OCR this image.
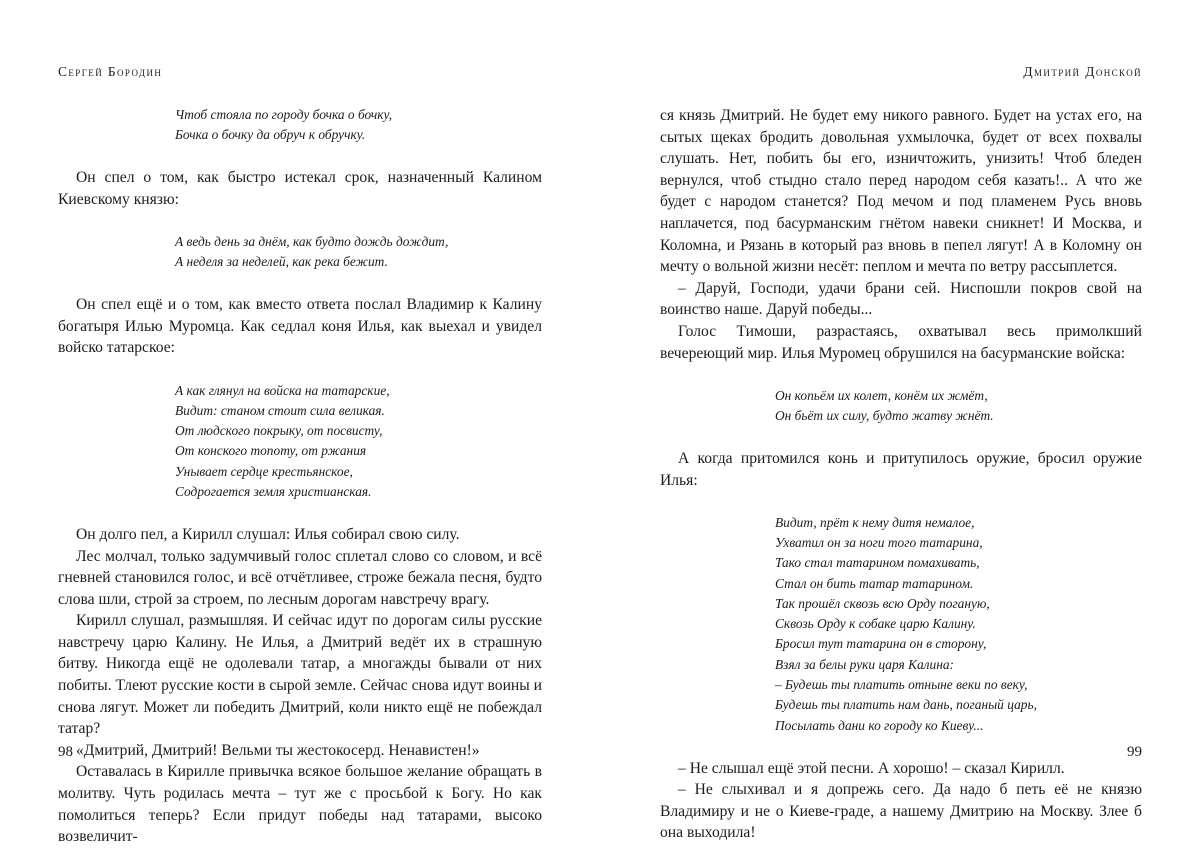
Сергей Бородин
Чтоб стояла по городу бочка о бочку,
Бочка о бочку да обруч к обручку.

Он спел о том, как быстро истекал срок, назначенный Калином Киевскому князю:

А ведь день за днём, как будто дождь дождит,
А неделя за неделей, как река бежит.

Он спел ещё и о том, как вместо ответа послал Владимир к Калину богатыря Илью Муромца. Как седлал коня Илья, как выехал и увидел войско татарское:

А как глянул на войска на татарские,
Видит: станом стоит сила великая.
От людского покрыку, от посвисту,
От конского топоту, от ржания
Унывает сердце крестьянское,
Содрогается земля христианская.

Он долго пел, а Кирилл слушал: Илья собирал свою силу.

Лес молчал, только задумчивый голос сплетал слово со словом, и всё гневней становился голос, и всё отчётливее, строже бежала песня, будто слова шли, строй за строем, по лесным дорогам навстречу врагу.

Кирилл слушал, размышляя. И сейчас идут по дорогам силы русские навстречу царю Калину. Не Илья, а Дмитрий ведёт их в страшную битву. Никогда ещё не одолевали татар, а многажды бывали от них побиты. Тлеют русские кости в сырой земле. Сейчас снова идут воины и снова лягут. Может ли победить Дмитрий, коли никто ещё не побеждал татар?

«Дмитрий, Дмитрий! Вельми ты жестокосерд. Ненавистен!»

Оставалась в Кирилле привычка всякое большое желание обращать в молитву. Чуть родилась мечта – тут же с просьбой к Богу. Но как помолиться теперь? Если придут победы над татарами, высоко возвеличит-

98
Дмитрий Донской

ся князь Дмитрий. Не будет ему никого равного. Будет на устах его, на сытых щеках бродить довольная ухмылочка, будет от всех похвалы слушать. Нет, побить бы его, изничтожить, унизить! Чтоб бледен вернулся, чтоб стыдно стало перед народом себя казать!.. А что же будет с народом станется? Под мечом и под пламенем Русь вновь наплачется, под басурманским гнётом навеки сникнет! И Москва, и Коломна, и Рязань в который раз вновь в пепел лягут! А в Коломну он мечту о вольной жизни несёт: пеплом и мечта по ветру рассыплется.

– Даруй, Господи, удачи брани сей. Ниспошли покров свой на воинство наше. Даруй победы...

Голос Тимоши, разрастаясь, охватывал весь примолкший вечереющий мир. Илья Муромец обрушился на басурманские войска:

Он копьём их колет, конём их жмёт,
Он бьёт их силу, будто жатву жнёт.

А когда притомился конь и притупилось оружие, бросил оружие Илья:

Видит, прёт к нему дитя немалое,
Ухватил он за ноги того татарина,
Тако стал татарином помахивать,
Стал он бить татар татарином.
Так прошёл сквозь всю Орду поганую,
Сквозь Орду к собаке царю Калину.
Бросил тут татарина он в сторону,
Взял за белы руки царя Калина:
– Будешь ты платить отныне веки по веку,
Будешь ты платить нам дань, поганый царь,
Посылать дани ко городу ко Киеву...

– Не слышал ещё этой песни. А хорошо! – сказал Кирилл.

– Не слыхивал и я допрежь сего. Да надо б петь её не князю Владимиру и не о Киеве-граде, а нашему Дмитрию на Москву. Злее б она выходила!

99
